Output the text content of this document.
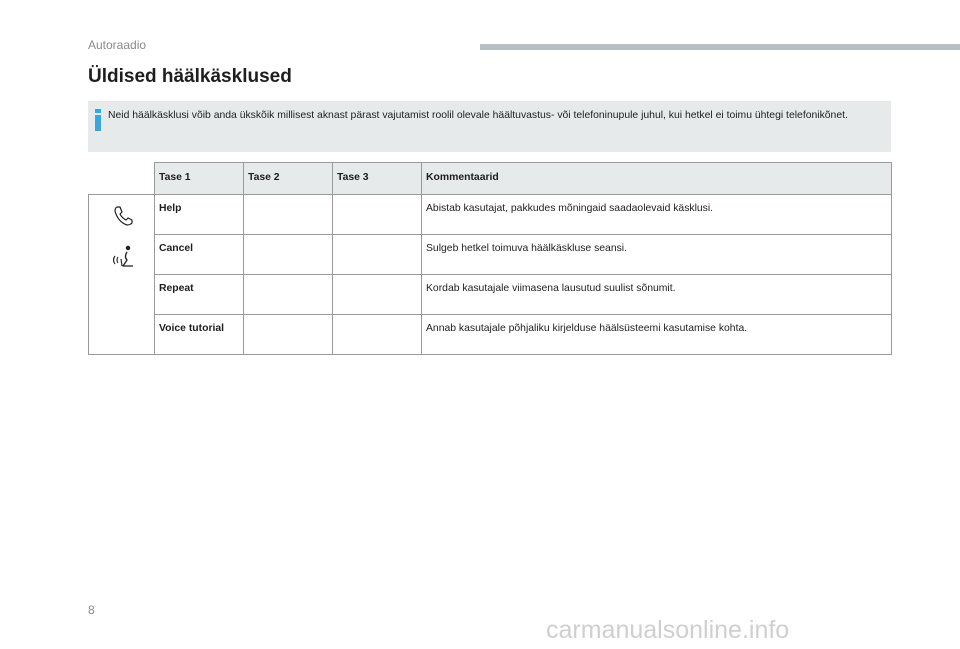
Autoraadio
Üldised häälkäsklused
Neid häälkäsklusi võib anda ükskõik millisest aknast pärast vajutamist roolil olevale häältuvastus- või telefoninupule juhul, kui hetkel ei toimu ühtegi telefonikõnet.
	Tase 1	Tase 2	Tase 3	Kommentaarid

	Help			Abistab kasutajat, pakkudes mõningaid saadaolevaid käsklusi.
	Cancel			Sulgeb hetkel toimuva häälkäskluse seansi.
	Repeat			Kordab kasutajale viimasena lausutud suulist sõnumit.
	Voice tutorial			Annab kasutajale põhjaliku kirjelduse häälsüsteemi kasutamise kohta.
8
carmanualsonline.info
